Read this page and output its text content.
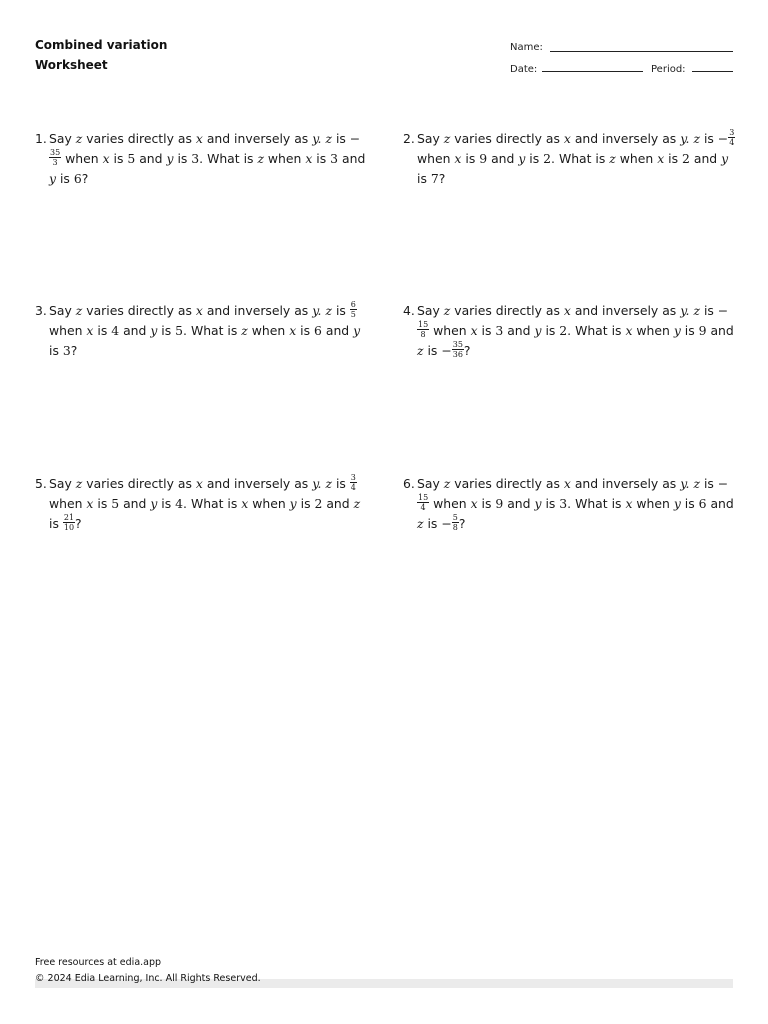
Combined variation
Worksheet
Name:
Date:	Period:
1. Say z varies directly as x and inversely as y. z is −
$\frac{35}{3}$ when x is 5 and y is 3. What is z when x is 3 and y is 6?
2. Say z varies directly as x and inversely as y. z is − $\frac{3}{4}$
when x is 9 and y is 2. What is z when x is 2 and y is 7?
3. Say z varies directly as x and inversely as y. z is $\frac{6}{5}$
when x is 4 and y is 5. What is z when x is 6 and y is 3?
4. Say z varies directly as x and inversely as y. z is −
$\frac{15}{8}$ when x is 3 and y is 2. What is x when y is 9 and z is − $\frac{35}{36}$ ?
5. Say z varies directly as x and inversely as y. z is $\frac{3}{4}$
when x is 5 and y is 4. What is x when y is 2 and z is $\frac{21}{10}$ ?
6. Say z varies directly as x and inversely as y. z is −
$\frac{15}{4}$ when x is 9 and y is 3. What is x when y is 6 and z is − $\frac{5}{8}$ ?
Free resources at edia.app
© 2024 Edia Learning, Inc. All Rights Reserved.
